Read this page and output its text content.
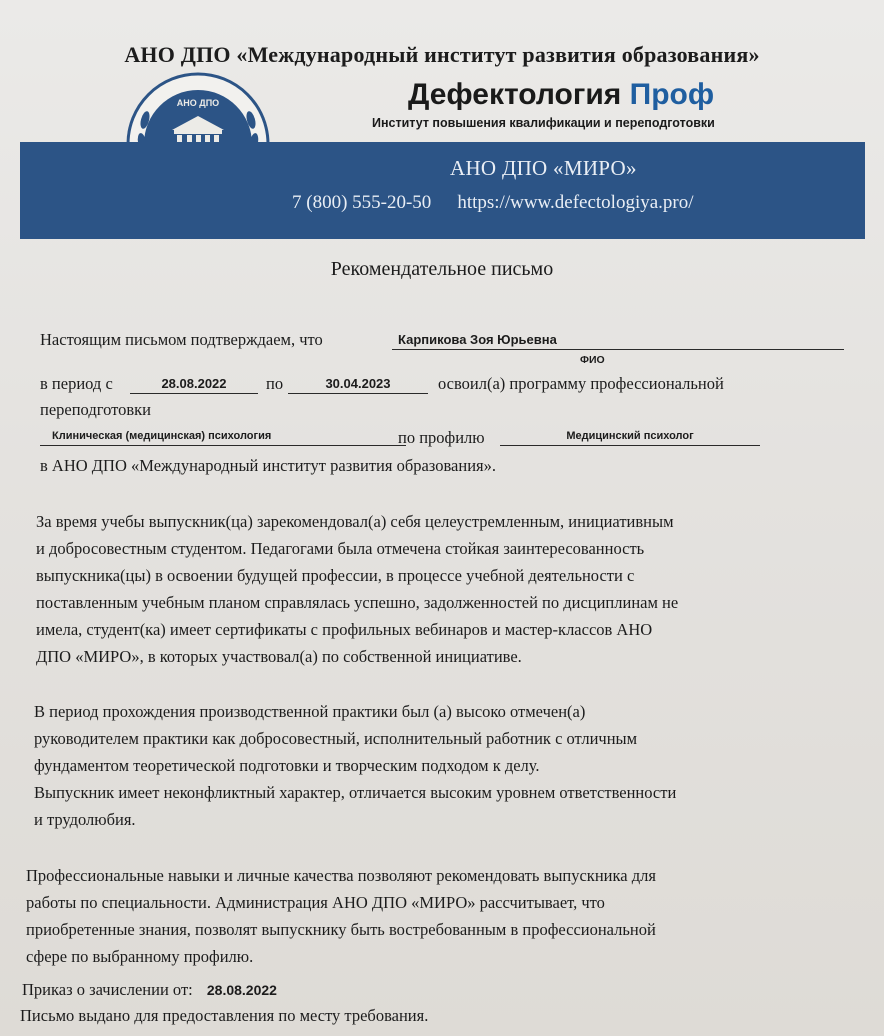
АНО ДПО «Международный институт развития образования»
АНО ДПО	Дефектология Проф
Институт повышения квалификации и переподготовки
АНО ДПО «МИРО»
7 (800) 555-20-50 https://www.defectologiya.pro/
Рекомендательное письмо
Настоящим письмом подтверждаем, что	Карпикова Зоя Юрьевна
ФИО
в период с	28.08.2022	по	30.04.2023	освоил(а) программу профессиональной
переподготовки
Клиническая (медицинская) психология	по профилю	Медицинский психолог
в АНО ДПО «Международный институт развития образования».
За время учебы выпускник(ца) зарекомендовал(а) себя целеустремленным, инициативным
и добросовестным студентом. Педагогами была отмечена стойкая заинтересованность
выпускника(цы) в освоении будущей профессии, в процессе учебной деятельности с
поставленным учебным планом справлялась успешно, задолженностей по дисциплинам не
имела, студент(ка) имеет сертификаты с профильных вебинаров и мастер-классов АНО
ДПО «МИРО», в которых участвовал(а) по собственной инициативе.
В период прохождения производственной практики был (а) высоко отмечен(а)
руководителем практики как добросовестный, исполнительный работник с отличным
фундаментом теоретической подготовки и творческим подходом к делу.
Выпускник имеет неконфликтный характер, отличается высоким уровнем ответственности
и трудолюбия.
Профессиональные навыки и личные качества позволяют рекомендовать выпускника для
работы по специальности. Администрация АНО ДПО «МИРО» рассчитывает, что
приобретенные знания, позволят выпускнику быть востребованным в профессиональной
сфере по выбранному профилю.
Приказ о зачислении от: 28.08.2022
Письмо выдано для предоставления по месту требования.
